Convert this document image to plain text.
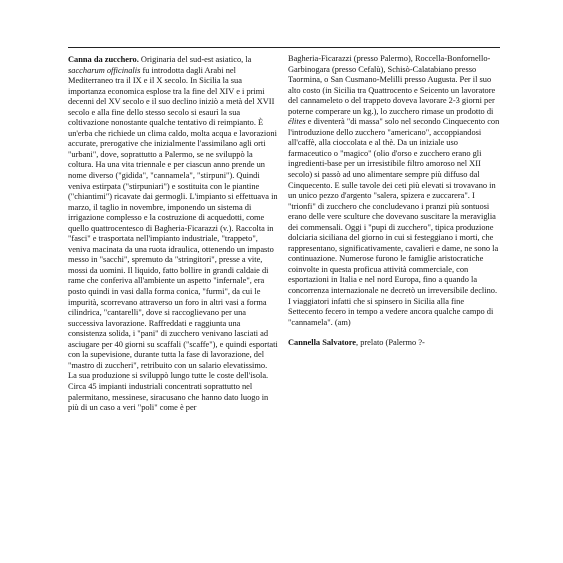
Canna da zucchero. Originaria del sud-est asiatico, la saccharum officinalis fu introdotta dagli Arabi nel Mediterraneo tra il IX e il X secolo. In Sicilia la sua importanza economica esplose tra la fine del XIV e i primi decenni del XV secolo e il suo declino iniziò a metà del XVII secolo e alla fine dello stesso secolo si esaurì la sua coltivazione nonostante qualche tentativo di reimpianto. È un'erba che richiede un clima caldo, molta acqua e lavorazioni accurate, prerogative che inizialmente l'assimilano agli orti "urbani", dove, soprattutto a Palermo, se ne sviluppò la coltura. Ha una vita triennale e per ciascun anno prende un nome diverso ("gidida", "cannamela", "stirpuni"). Quindi veniva estirpata ("stirpuniari") e sostituita con le piantine ("chiantimi") ricavate dai germogli. L'impianto si effettuava in marzo, il taglio in novembre, imponendo un sistema di irrigazione complesso e la costruzione di acquedotti, come quello quattrocentesco di Bagheria-Ficarazzi (v.). Raccolta in "fasci" e trasportata nell'impianto industriale, "trappeto", veniva macinata da una ruota idraulica, ottenendo un impasto messo in "sacchi", spremuto da "stringitori", presse a vite, mossi da uomini. Il liquido, fatto bollire in grandi caldaie di rame che conferiva all'ambiente un aspetto "infernale", era posto quindi in vasi dalla forma conica, "furmi", da cui le impurità, scorrevano attraverso un foro in altri vasi a forma cilindrica, "cantarelli", dove si raccoglievano per una successiva lavorazione. Raffreddati e raggiunta una consistenza solida, i "pani" di zucchero venivano lasciati ad asciugare per 40 giorni su scaffali ("scaffe"), e quindi esportati con la supevisione, durante tutta la fase di lavorazione, del "mastro di zuccheri", retribuito con un salario elevatissimo. La sua produzione si sviluppò lungo tutte le coste dell'isola. Circa 45 impianti industriali concentrati soprattutto nel palermitano, messinese, siracusano che hanno dato luogo in più di un caso a veri "poli" come è per

Bagheria-Ficarazzi (presso Palermo), Roccella-Bonfornello-Garbinogara (presso Cefalù), Schisò-Calatabiano presso Taormina, o San Cusmano-Melilli presso Augusta. Per il suo alto costo (in Sicilia tra Quattrocento e Seicento un lavoratore del cannameleto o del trappeto doveva lavorare 2-3 giorni per poterne comperare un kg.), lo zucchero rimase un prodotto di élites e diventerà "di massa" solo nel secondo Cinquecento con l'introduzione dello zucchero "americano", accoppiandosi all'caffè, alla cioccolata e al thè. Da un iniziale uso farmaceutico o "magico" (olio d'orso e zucchero erano gli ingredienti-base per un irresistibile filtro amoroso nel XII secolo) si passò ad uno alimentare sempre più diffuso dal Cinquecento. E sulle tavole dei ceti più elevati si trovavano in un unico pezzo d'argento "salera, spizera e zuccarera". I "trionfi" di zucchero che concludevano i pranzi più sontuosi erano delle vere sculture che dovevano suscitare la meraviglia dei commensali. Oggi i "pupi di zucchero", tipica produzione dolciaria siciliana del giorno in cui si festeggiano i morti, che rappresentano, significativamente, cavalieri e dame, ne sono la continuazione. Numerose furono le famiglie aristocratiche coinvolte in questa proficua attività commerciale, con esportazioni in Italia e nel nord Europa, fino a quando la concorrenza internazionale ne decretò un irreversibile declino. I viaggiatori infatti che si spinsero in Sicilia alla fine Settecento fecero in tempo a vedere ancora qualche campo di "cannamela". (am)

Cannella Salvatore, prelato (Palermo ?-
